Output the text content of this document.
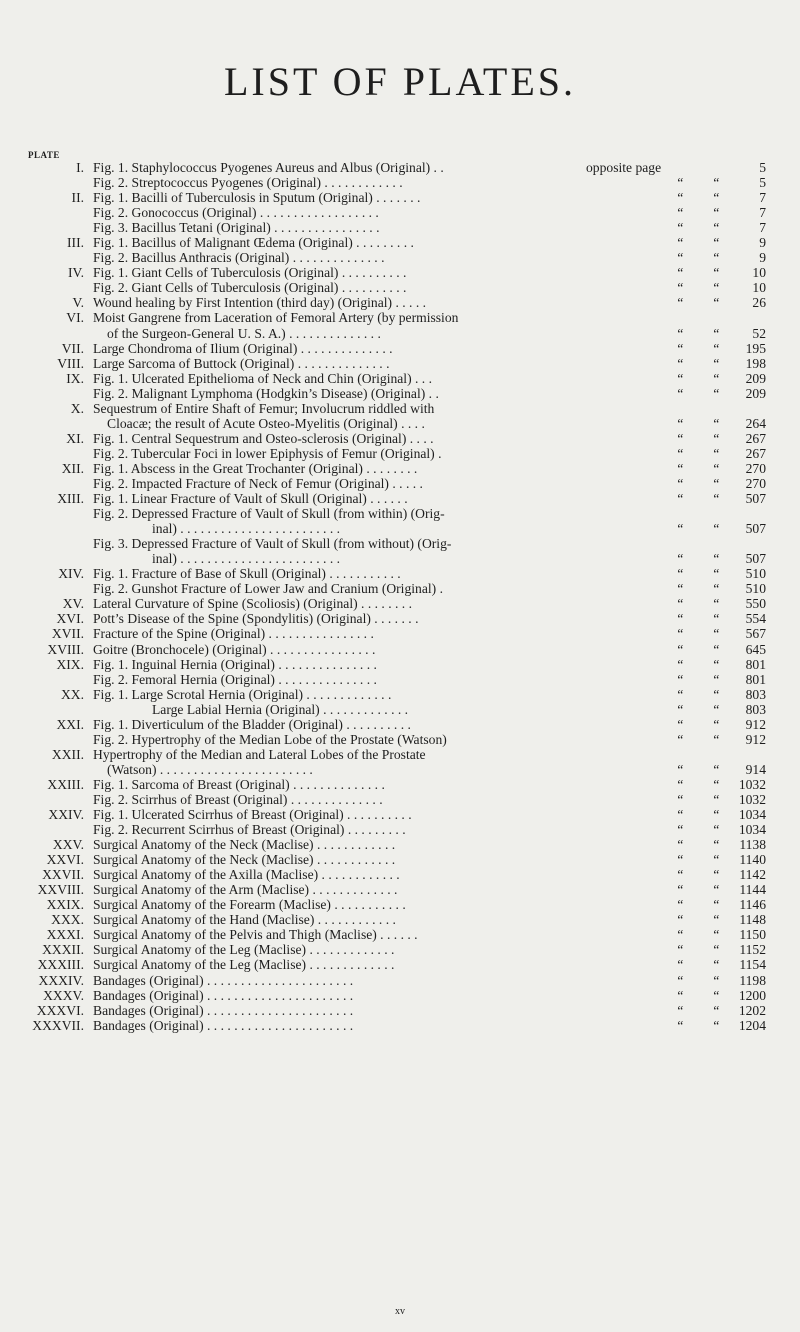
LIST OF PLATES.
PLATE
I. Fig. 1. Staphylococcus Pyogenes Aureus and Albus (Original) . .	opposite page	5
Fig. 2. Streptococcus Pyogenes (Original) . . . . . . . . . . . .	“ “	5
II. Fig. 1. Bacilli of Tuberculosis in Sputum (Original) . . . . . . .	“ “	7
Fig. 2. Gonococcus (Original) . . . . . . . . . . . . . . . . . .	“ “	7
Fig. 3. Bacillus Tetani (Original) . . . . . . . . . . . . . . . .	“ “	7
III. Fig. 1. Bacillus of Malignant Œdema (Original) . . . . . . . . .	“ “	9
Fig. 2. Bacillus Anthracis (Original) . . . . . . . . . . . . . .	“ “	9
IV. Fig. 1. Giant Cells of Tuberculosis (Original) . . . . . . . . . .	“ “ 10
Fig. 2. Giant Cells of Tuberculosis (Original) . . . . . . . . . .	“ “ 10
V. Wound healing by First Intention (third day) (Original) . . . . .	“ “ 26
VI. Moist Gangrene from Laceration of Femoral Artery (by permission
of the Surgeon-General U. S. A.) . . . . . . . . . . . . . .	“ “ 52
VII. Large Chondroma of Ilium (Original) . . . . . . . . . . . . . .	“ “ 195
VIII. Large Sarcoma of Buttock (Original) . . . . . . . . . . . . . .	“ “ 198
IX. Fig. 1. Ulcerated Epithelioma of Neck and Chin (Original) . . .	“ “ 209
Fig. 2. Malignant Lymphoma (Hodgkin’s Disease) (Original) . .	“ “ 209
X. Sequestrum of Entire Shaft of Femur; Involucrum riddled with
Cloacæ; the result of Acute Osteo-Myelitis (Original) . . . .	“ “ 264
XI. Fig. 1. Central Sequestrum and Osteo-sclerosis (Original) . . . .	“ “ 267
Fig. 2. Tubercular Foci in lower Epiphysis of Femur (Original) .	“ “ 267
XII. Fig. 1. Abscess in the Great Trochanter (Original) . . . . . . . .	“ “ 270
Fig. 2. Impacted Fracture of Neck of Femur (Original) . . . . .	“ “ 270
XIII. Fig. 1. Linear Fracture of Vault of Skull (Original) . . . . . .	“ “ 507
Fig. 2. Depressed Fracture of Vault of Skull (from within) (Orig-
inal) . . . . . . . . . . . . . . . . . . . . . . . .	“ “ 507
Fig. 3. Depressed Fracture of Vault of Skull (from without) (Orig-
inal) . . . . . . . . . . . . . . . . . . . . . . . .	“ “ 507
XIV. Fig. 1. Fracture of Base of Skull (Original) . . . . . . . . . . .	“ “ 510
Fig. 2. Gunshot Fracture of Lower Jaw and Cranium (Original) .	“ “ 510
XV. Lateral Curvature of Spine (Scoliosis) (Original) . . . . . . . .	“ “ 550
XVI. Pott’s Disease of the Spine (Spondylitis) (Original) . . . . . . .	“ “ 554
XVII. Fracture of the Spine (Original) . . . . . . . . . . . . . . . .	“ “ 567
XVIII. Goitre (Bronchocele) (Original) . . . . . . . . . . . . . . . .	“ “ 645
XIX. Fig. 1. Inguinal Hernia (Original) . . . . . . . . . . . . . . .	“ “ 801
Fig. 2. Femoral Hernia (Original) . . . . . . . . . . . . . . .	“ “ 801
XX. Fig. 1. Large Scrotal Hernia (Original) . . . . . . . . . . . . .	“ “ 803
Large Labial Hernia (Original) . . . . . . . . . . . . .	“ “ 803
XXI. Fig. 1. Diverticulum of the Bladder (Original) . . . . . . . . . .	“ “ 912
Fig. 2. Hypertrophy of the Median Lobe of the Prostate (Watson)	“ “ 912
XXII. Hypertrophy of the Median and Lateral Lobes of the Prostate
(Watson) . . . . . . . . . . . . . . . . . . . . . . .	“ “ 914
XXIII. Fig. 1. Sarcoma of Breast (Original) . . . . . . . . . . . . . .	“ “ 1032
Fig. 2. Scirrhus of Breast (Original) . . . . . . . . . . . . . .	“ “ 1032
XXIV. Fig. 1. Ulcerated Scirrhus of Breast (Original) . . . . . . . . . .	“ “ 1034
Fig. 2. Recurrent Scirrhus of Breast (Original) . . . . . . . . .	“ “ 1034
XXV. Surgical Anatomy of the Neck (Maclise) . . . . . . . . . . . .	“ “ 1138
XXVI. Surgical Anatomy of the Neck (Maclise) . . . . . . . . . . . .	“ “ 1140
XXVII. Surgical Anatomy of the Axilla (Maclise) . . . . . . . . . . . .	“ “ 1142
XXVIII. Surgical Anatomy of the Arm (Maclise) . . . . . . . . . . . . .	“ “ 1144
XXIX. Surgical Anatomy of the Forearm (Maclise) . . . . . . . . . . .	“ “ 1146
XXX. Surgical Anatomy of the Hand (Maclise) . . . . . . . . . . . .	“ “ 1148
XXXI. Surgical Anatomy of the Pelvis and Thigh (Maclise) . . . . . .	“ “ 1150
XXXII. Surgical Anatomy of the Leg (Maclise) . . . . . . . . . . . . .	“ “ 1152
XXXIII. Surgical Anatomy of the Leg (Maclise) . . . . . . . . . . . . .	“ “ 1154
XXXIV. Bandages (Original) . . . . . . . . . . . . . . . . . . . . . .	“ “ 1198
XXXV. Bandages (Original) . . . . . . . . . . . . . . . . . . . . . .	“ “ 1200
XXXVI. Bandages (Original) . . . . . . . . . . . . . . . . . . . . . .	“ “ 1202
XXXVII. Bandages (Original) . . . . . . . . . . . . . . . . . . . . . .	“ “ 1204
xv
